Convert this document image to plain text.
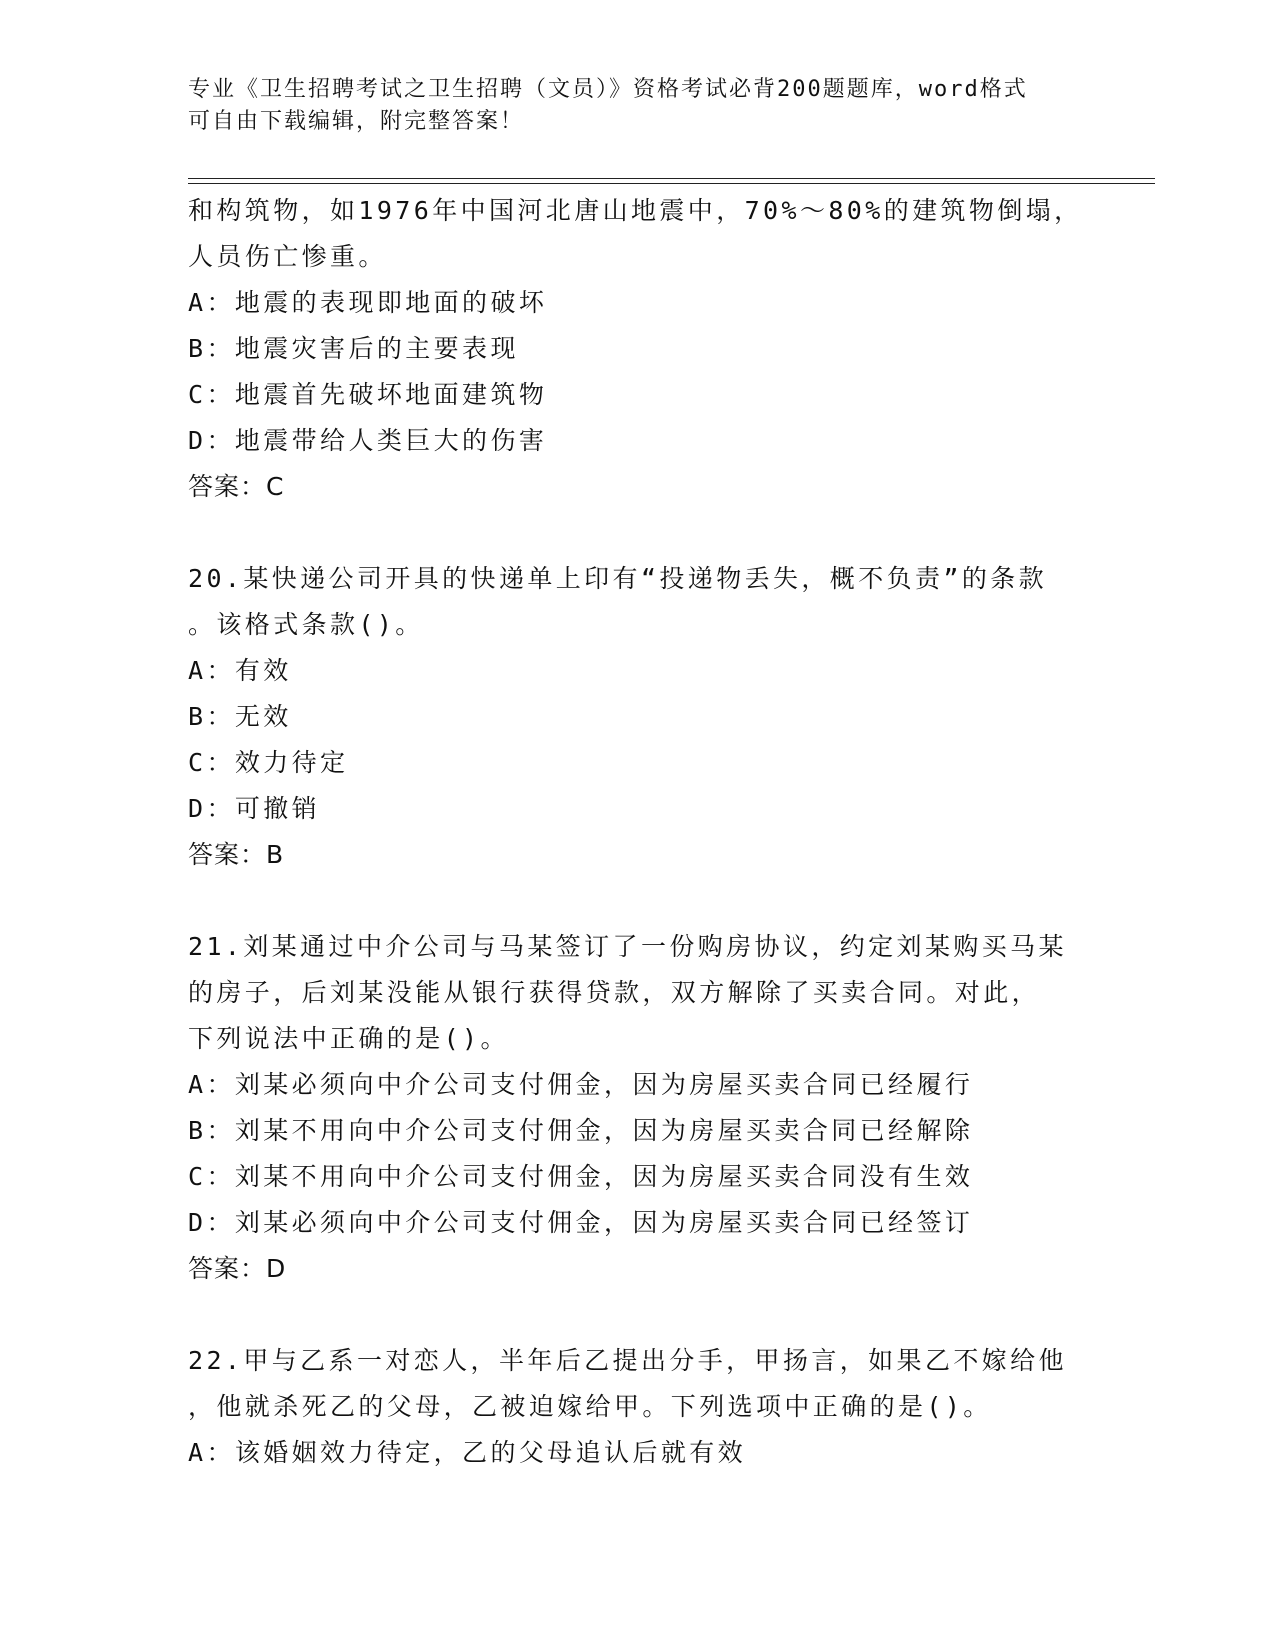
专业《卫生招聘考试之卫生招聘（文员）》资格考试必背200题题库，word格式
可自由下载编辑，附完整答案！
和构筑物，如1976年中国河北唐山地震中，70%～80%的建筑物倒塌，
人员伤亡惨重。
A：地震的表现即地面的破坏
B：地震灾害后的主要表现
C：地震首先破坏地面建筑物
D：地震带给人类巨大的伤害
答案：C
20.某快递公司开具的快递单上印有“投递物丢失，概不负责”的条款
。该格式条款()。
A：有效
B：无效
C：效力待定
D：可撤销
答案：B
21.刘某通过中介公司与马某签订了一份购房协议，约定刘某购买马某
的房子，后刘某没能从银行获得贷款，双方解除了买卖合同。对此，
下列说法中正确的是()。
A：刘某必须向中介公司支付佣金，因为房屋买卖合同已经履行
B：刘某不用向中介公司支付佣金，因为房屋买卖合同已经解除
C：刘某不用向中介公司支付佣金，因为房屋买卖合同没有生效
D：刘某必须向中介公司支付佣金，因为房屋买卖合同已经签订
答案：D
22.甲与乙系一对恋人，半年后乙提出分手，甲扬言，如果乙不嫁给他
，他就杀死乙的父母，乙被迫嫁给甲。下列选项中正确的是()。
A：该婚姻效力待定，乙的父母追认后就有效
